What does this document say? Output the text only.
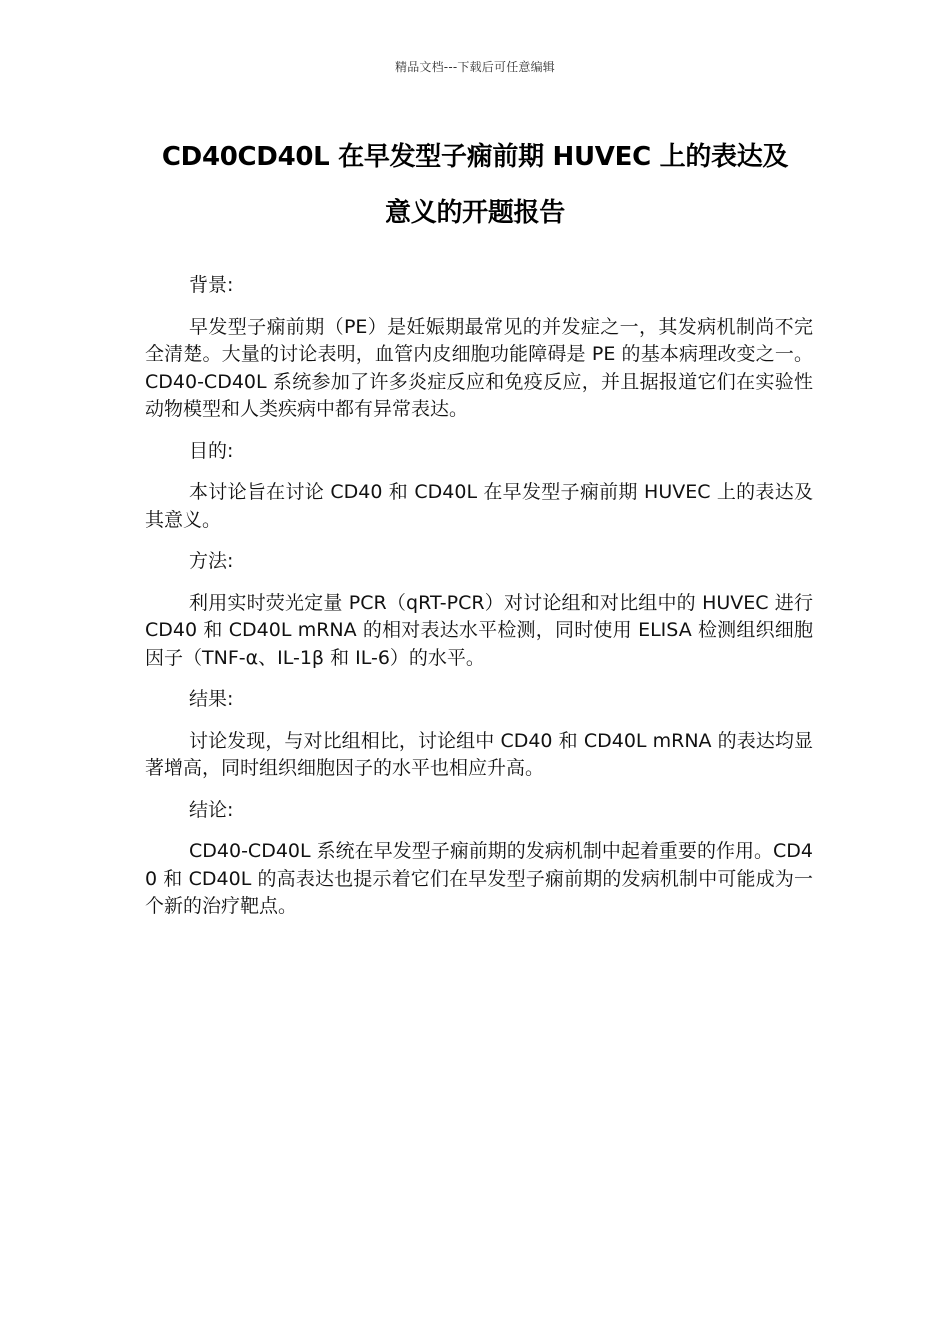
精品文档---下载后可任意编辑
CD40CD40L 在早发型子痫前期 HUVEC 上的表达及
意义的开题报告
背景:
早发型子痫前期（PE）是妊娠期最常见的并发症之一，其发病机制尚不完全清楚。大量的讨论表明，血管内皮细胞功能障碍是 PE 的基本病理改变之一。CD40-CD40L 系统参加了许多炎症反应和免疫反应，并且据报道它们在实验性动物模型和人类疾病中都有异常表达。
目的:
本讨论旨在讨论 CD40 和 CD40L 在早发型子痫前期 HUVEC 上的表达及其意义。
方法:
利用实时荧光定量 PCR（qRT-PCR）对讨论组和对比组中的 HUVEC 进行 CD40 和 CD40L mRNA 的相对表达水平检测，同时使用 ELISA 检测组织细胞因子（TNF-α、IL-1β 和 IL-6）的水平。
结果:
讨论发现，与对比组相比，讨论组中 CD40 和 CD40L mRNA 的表达均显著增高，同时组织细胞因子的水平也相应升高。
结论:
CD40-CD40L 系统在早发型子痫前期的发病机制中起着重要的作用。CD40 和 CD40L 的高表达也提示着它们在早发型子痫前期的发病机制中可能成为一个新的治疗靶点。
